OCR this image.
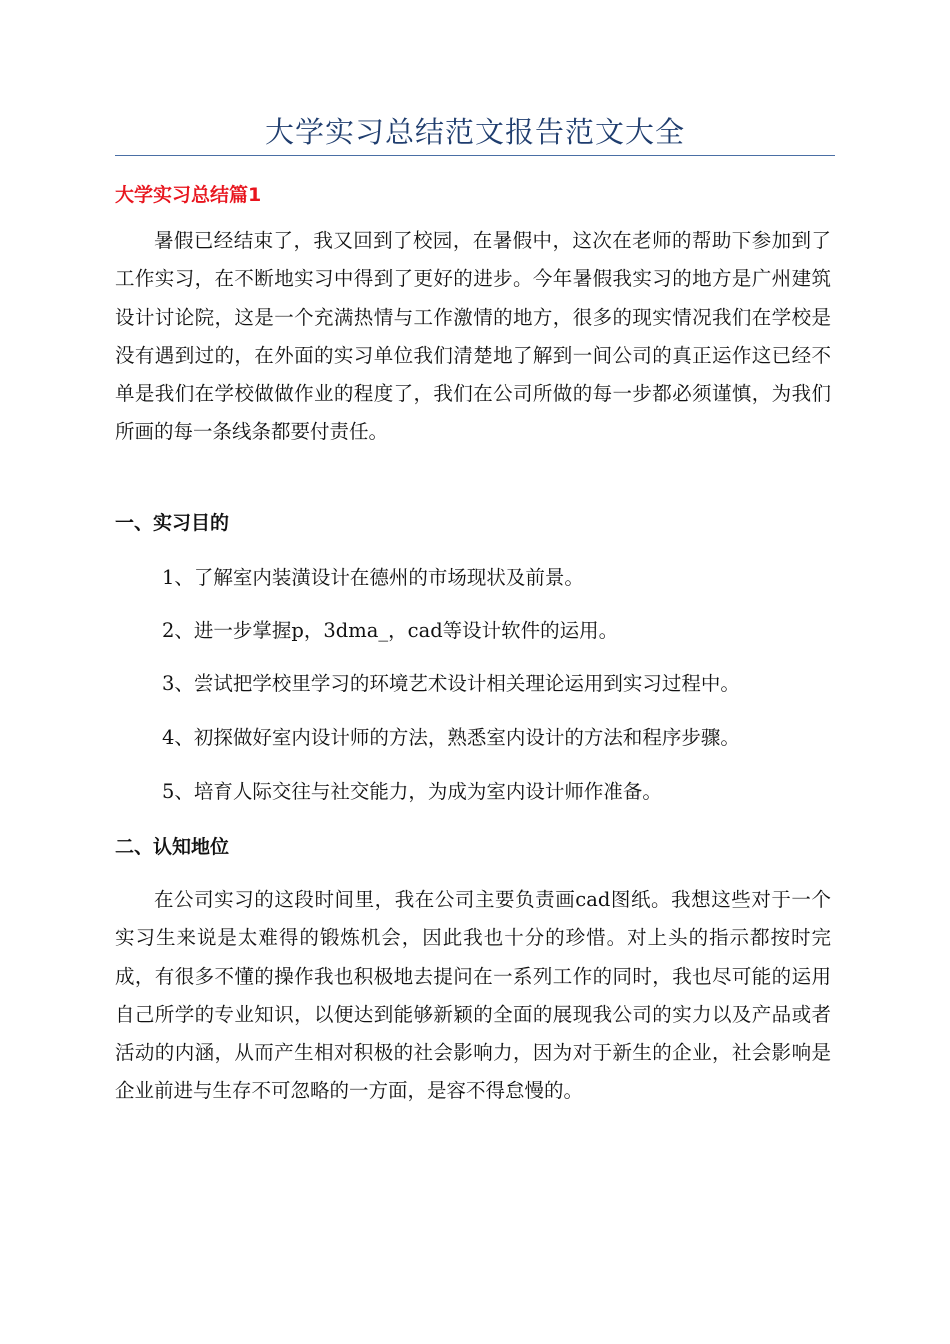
大学实习总结范文报告范文大全
大学实习总结篇1

暑假已经结束了，我又回到了校园，在暑假中，这次在老师的帮助下参加到了工作实习，在不断地实习中得到了更好的进步。今年暑假我实习的地方是广州建筑设计讨论院，这是一个充满热情与工作激情的地方，很多的现实情况我们在学校是没有遇到过的，在外面的实习单位我们清楚地了解到一间公司的真正运作这已经不单是我们在学校做做作业的程度了，我们在公司所做的每一步都必须谨慎，为我们所画的每一条线条都要付责任。

一、实习目的
1、了解室内装潢设计在德州的市场现状及前景。
2、进一步掌握p，3dma_，cad等设计软件的运用。
3、尝试把学校里学习的环境艺术设计相关理论运用到实习过程中。
4、初探做好室内设计师的方法，熟悉室内设计的方法和程序步骤。
5、培育人际交往与社交能力，为成为室内设计师作准备。
二、认知地位

在公司实习的这段时间里，我在公司主要负责画cad图纸。我想这些对于一个实习生来说是太难得的锻炼机会，因此我也十分的珍惜。对上头的指示都按时完成，有很多不懂的操作我也积极地去提问在一系列工作的同时，我也尽可能的运用自己所学的专业知识，以便达到能够新颖的全面的展现我公司的实力以及产品或者活动的内涵，从而产生相对积极的社会影响力，因为对于新生的企业，社会影响是企业前进与生存不可忽略的一方面，是容不得怠慢的。
